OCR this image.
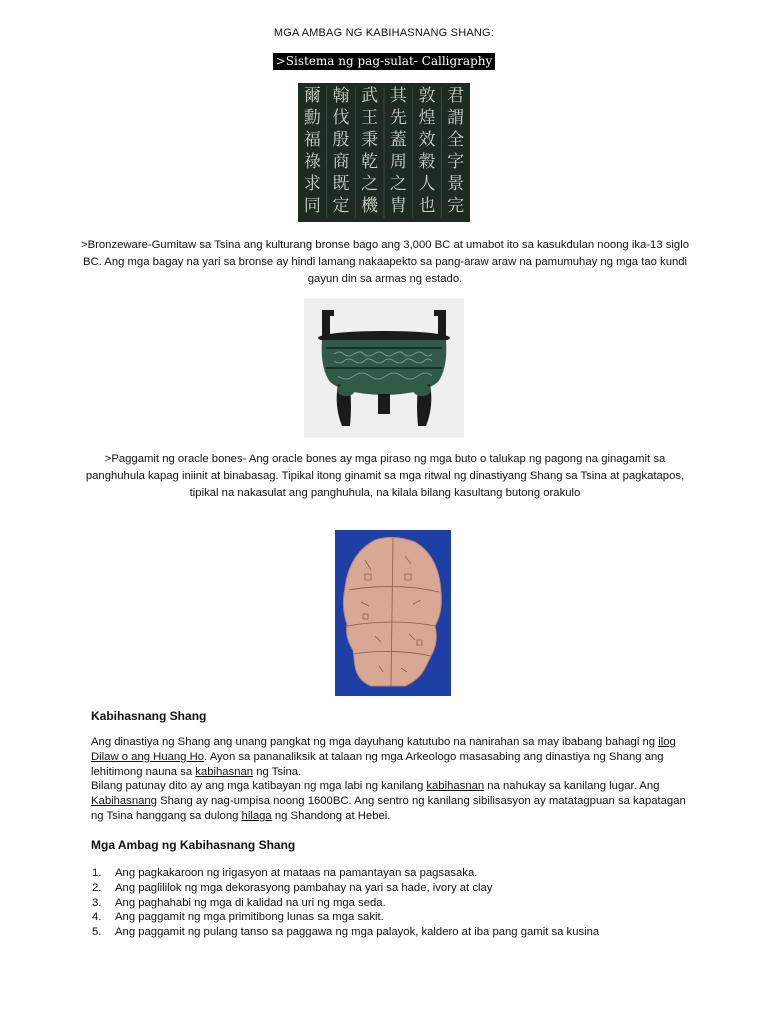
MGA AMBAG NG KABIHASNANG SHANG:
>Sistema ng pag-sulat- Calligraphy
君
謂
全
字
景
完
敦
煌
效
穀
人
也
其
先
蓋
周
之
胄
武
王
秉
乾
之
機
翰
伐
殷
商
既
定
爾
勳
福
祿
求
同
>Bronzeware-Gumitaw sa Tsina ang kulturang bronse bago ang 3,000 BC at umabot ito sa kasukdulan noong ika-13 siglo BC. Ang mga bagay na yari sa bronse ay hindi lamang nakaapekto sa pang-araw araw na pamumuhay ng mga tao kundi gayun din sa armas ng estado.
>Paggamit ng oracle bones- Ang oracle bones ay mga piraso ng mga buto o talukap ng pagong na ginagamit sa panghuhula kapag iniinit at binabasag. Tipikal itong ginamit sa mga ritwal ng dinastiyang Shang sa Tsina at pagkatapos, tipikal na nakasulat ang panghuhula, na kilala bilang kasultang butong orakulo
Kabihasnang Shang
Ang dinastiya ng Shang ang unang pangkat ng mga dayuhang katutubo na nanirahan sa may ibabang bahagi ng ilog Dilaw o ang Huang Ho. Ayon sa pananaliksik at talaan ng mga Arkeologo masasabing ang dinastiya ng Shang ang lehitimong nauna sa kabihasnan ng Tsina.
Bilang patunay dito ay ang mga katibayan ng mga labi ng kanilang kabihasnan na nahukay sa kanilang lugar. Ang Kabihasnang Shang ay nag-umpisa noong 1600BC. Ang sentro ng kanilang sibilisasyon ay matatagpuan sa kapatagan ng Tsina hanggang sa dulong hilaga ng Shandong at Hebei.
Mga Ambag ng Kabihasnang Shang
1. Ang pagkakaroon ng irigasyon at mataas na pamantayan sa pagsasaka.
2. Ang paglililok ng mga dekorasyong pambahay na yari sa hade, ivory at clay
3. Ang paghahabi ng mga di kalidad na uri ng mga seda.
4. Ang paggamit ng mga primitibong lunas sa mga sakit.
5. Ang paggamit ng pulang tanso sa paggawa ng mga palayok, kaldero at iba pang gamit sa kusina
